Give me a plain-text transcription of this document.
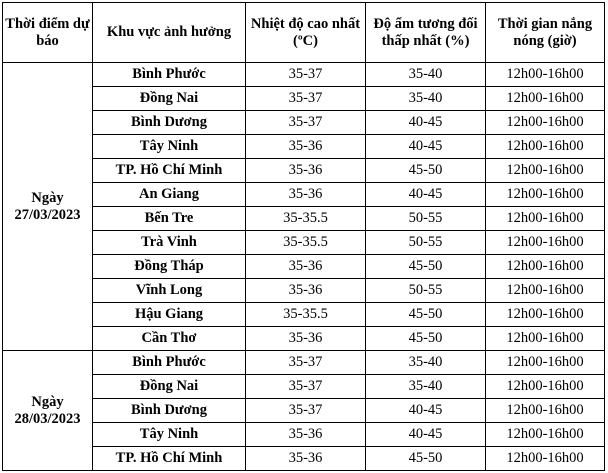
Thời điểm dự báo	Khu vực ảnh hưởng	Nhiệt độ cao nhất (ºC)	Độ ẩm tương đối thấp nhất (%)	Thời gian nắng nóng (giờ)

Ngày
27/03/2023	Bình Phước	35-37	35-40	12h00-16h00
	Đồng Nai	35-37	35-40	12h00-16h00
	Bình Dương	35-37	40-45	12h00-16h00
	Tây Ninh	35-36	40-45	12h00-16h00
	TP. Hồ Chí Minh	35-36	45-50	12h00-16h00
	An Giang	35-36	40-45	12h00-16h00
	Bến Tre	35-35.5	50-55	12h00-16h00
	Trà Vinh	35-35.5	50-55	12h00-16h00
	Đồng Tháp	35-36	45-50	12h00-16h00
	Vĩnh Long	35-36	50-55	12h00-16h00
	Hậu Giang	35-35.5	45-50	12h00-16h00
	Cần Thơ	35-36	45-50	12h00-16h00

Ngày
28/03/2023	Bình Phước	35-37	35-40	12h00-16h00
	Đồng Nai	35-37	35-40	12h00-16h00
	Bình Dương	35-37	40-45	12h00-16h00
	Tây Ninh	35-36	40-45	12h00-16h00
	TP. Hồ Chí Minh	35-36	45-50	12h00-16h00
